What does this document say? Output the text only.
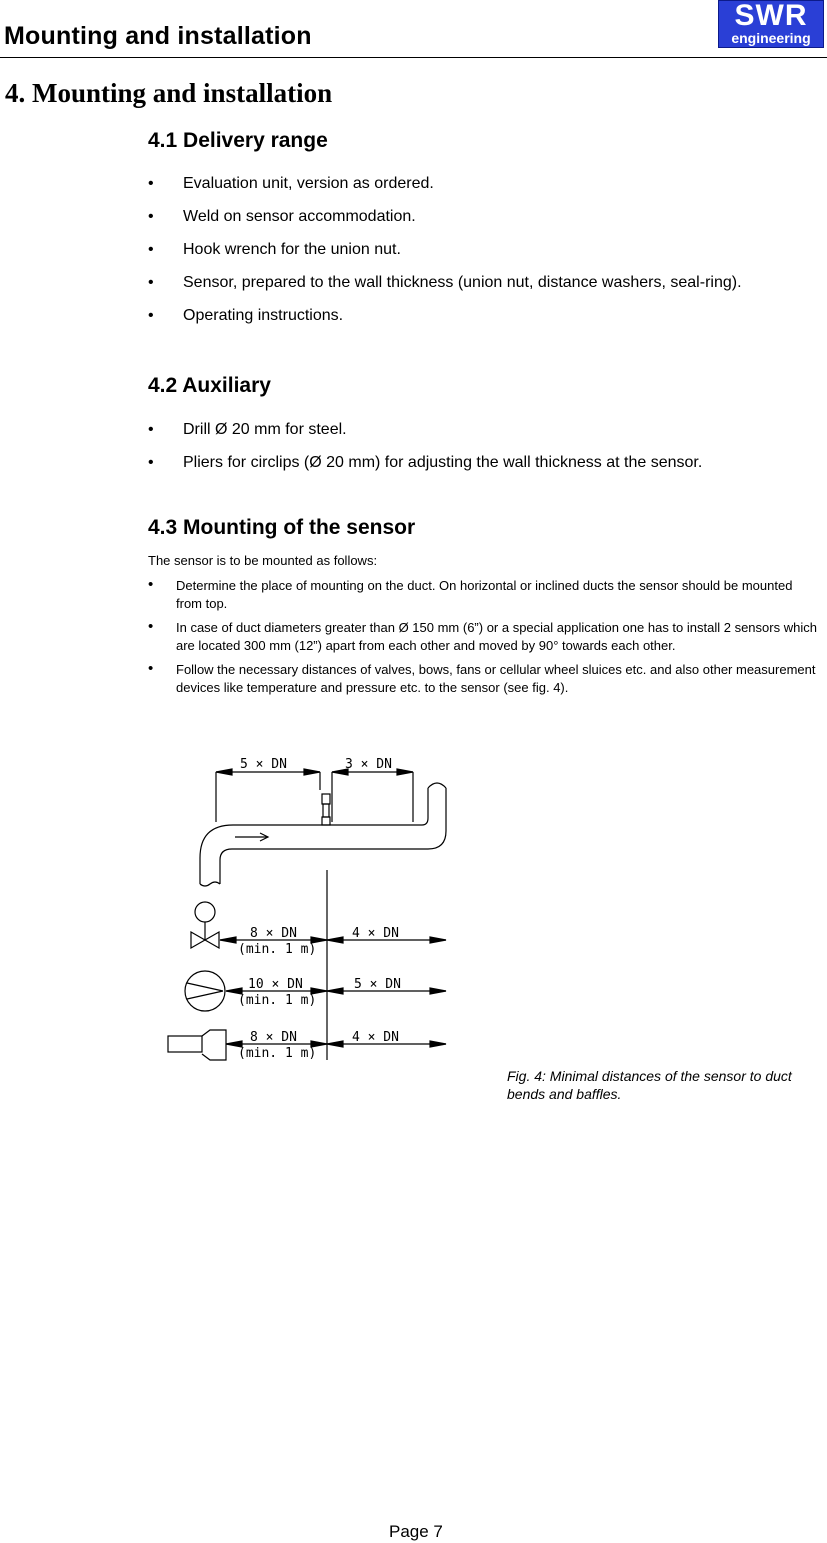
Mounting and installation
SWR
engineering
4. Mounting and installation
4.1 Delivery range
• Evaluation unit, version as ordered.
• Weld on sensor accommodation.
• Hook wrench for the union nut.
• Sensor, prepared to the wall thickness (union nut, distance washers, seal-ring).
• Operating instructions.
4.2 Auxiliary
• Drill Ø 20 mm for steel.
• Pliers for circlips (Ø 20 mm) for adjusting the wall thickness at the sensor.
4.3 Mounting of the sensor
The sensor is to be mounted as follows:
• Determine the place of mounting on the duct. On horizontal or inclined ducts the sensor should be mounted from top.
• In case of duct diameters greater than Ø 150 mm (6”) or a special application one has to install 2 sensors which are located 300 mm (12”) apart from each other and moved by 90° towards each other.
• Follow the necessary distances of valves, bows, fans or cellular wheel sluices etc. and also other measurement devices like temperature and pressure etc. to the sensor (see fig. 4).
5 × DN	3 × DN
8 × DN
(min. 1 m)
4 × DN
10 × DN
(min. 1 m)
5 × DN
8 × DN
(min. 1 m)
4 × DN
Fig. 4: Minimal distances of the sensor to duct bends and baffles.
Page 7
